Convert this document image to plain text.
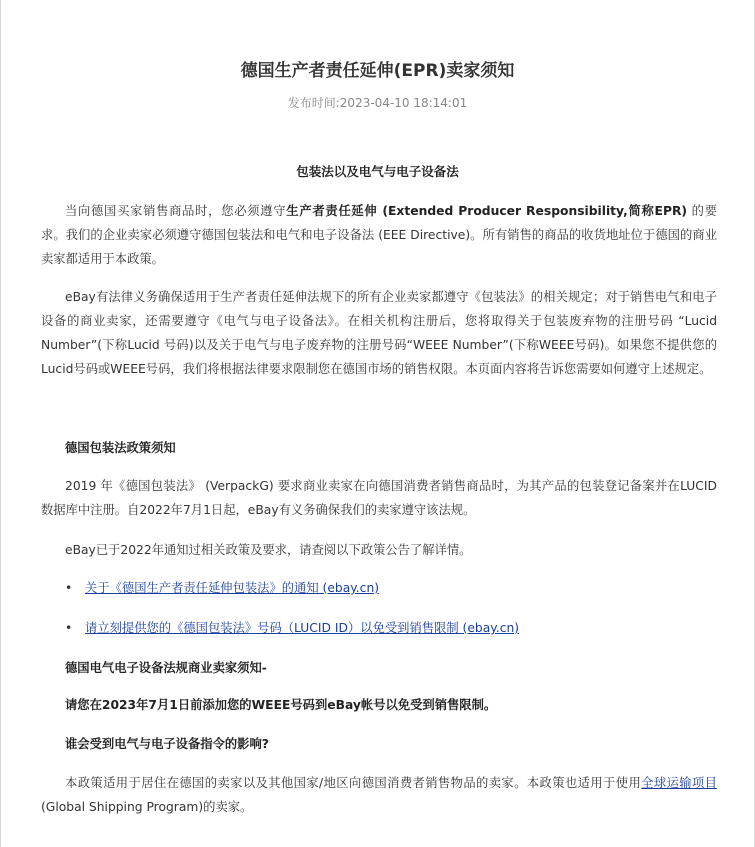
德国生产者责任延伸(EPR)卖家须知
发布时间:2023-04-10 18:14:01
包装法以及电气与电子设备法

当向德国买家销售商品时，您必须遵守生产者责任延伸 (Extended Producer Responsibility,简称EPR) 的要求。我们的企业卖家必须遵守德国包装法和电气和电子设备法 (EEE Directive)。所有销售的商品的收货地址位于德国的商业卖家都适用于本政策。

eBay有法律义务确保适用于生产者责任延伸法规下的所有企业卖家都遵守《包装法》的相关规定；对于销售电气和电子设备的商业卖家，还需要遵守《电气与电子设备法》。在相关机构注册后，您将取得关于包装废弃物的注册号码 “Lucid Number”(下称Lucid 号码)以及关于电气与电子废弃物的注册号码“WEEE Number”(下称WEEE号码)。如果您不提供您的 Lucid号码或WEEE号码，我们将根据法律要求限制您在德国市场的销售权限。本页面内容将告诉您需要如何遵守上述规定。

德国包装法政策须知

2019 年《德国包装法》 (VerpackG) 要求商业卖家在向德国消费者销售商品时，为其产品的包装登记备案并在LUCID数据库中注册。自2022年7月1日起，eBay有义务确保我们的卖家遵守该法规。

eBay已于2022年通知过相关政策及要求，请查阅以下政策公告了解详情。

• 关于《德国生产者责任延伸包装法》的通知 (ebay.cn)
• 请立刻提供您的《德国包装法》号码（LUCID ID）以免受到销售限制 (ebay.cn)
德国电气电子设备法规商业卖家须知-
请您在2023年7月1日前添加您的WEEE号码到eBay帐号以免受到销售限制。
谁会受到电气与电子设备指令的影响?

本政策适用于居住在德国的卖家以及其他国家/地区向德国消费者销售物品的卖家。本政策也适用于使用全球运输项目(Global Shipping Program)的卖家。
